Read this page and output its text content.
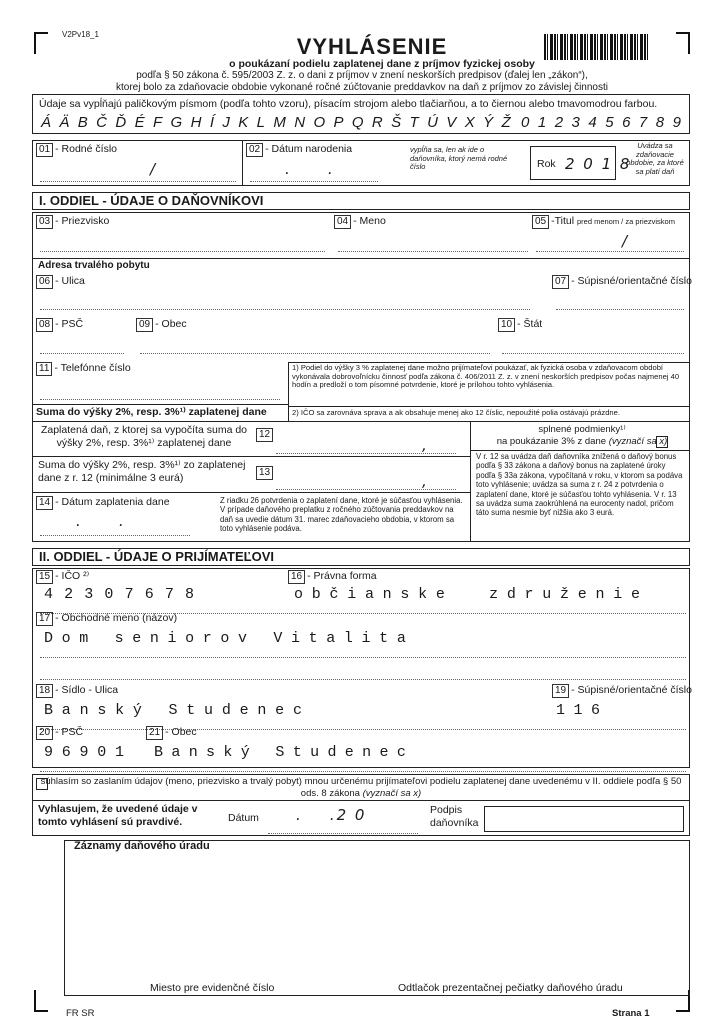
V2Pv18_1	VYHLÁSENIE
o poukázaní podielu zaplatenej dane z príjmov fyzickej osoby
podľa § 50 zákona č. 595/2003 Z. z. o dani z príjmov v znení neskorších predpisov (ďalej len „zákon“),
ktorej bolo za zdaňovacie obdobie vykonané ročné zúčtovanie preddavkov na daň z príjmov zo závislej činnosti
Údaje sa vypĺňajú paličkovým písmom (podľa tohto vzoru), písacím strojom alebo tlačiarňou, a to čiernou alebo tmavomodrou farbou.
Á Ä B Č Ď É F G H Í J K L M N O P Q R Š T Ú V X Ý Ž 0 1 2 3 4 5 6 7 8 9
01 - Rodné číslo
/
02 - Dátum narodenia
.        .
vypĺňa sa, len ak ide o daňovníka, ktorý nemá rodné číslo	Rok 2 0 1 8
Uvádza sa zdaňovacie obdobie, za ktoré sa platí daň
I. ODDIEL - ÚDAJE O DAŇOVNÍKOVI
03 - Priezvisko	04 - Meno	05 -Titul pred menom / za priezviskom
/
Adresa trvalého pobytu
06 - Ulica	07 - Súpisné/orientačné číslo
08 - PSČ	09 - Obec	10 - Štát
11 - Telefónne číslo	1) Podiel do výšky 3 % zaplatenej dane možno prijímateľovi poukázať, ak fyzická osoba v zdaňovacom období vykonávala dobrovoľnícku činnosť podľa zákona č. 406/2011 Z. z. v znení neskorších predpisov počas najmenej 40 hodín a predloží o tom písomné potvrdenie, ktoré je prílohou tohto vyhlásenia.
2) IČO sa zarovnáva sprava a ak obsahuje menej ako 12 číslic, nepoužité polia ostávajú prázdne.
Suma do výšky 2%, resp. 3%¹⁾ zaplatenej dane
Zaplatená daň, z ktorej sa vypočíta suma do výšky 2%, resp. 3%¹⁾ zaplatenej dane
12
,
splnené podmienky¹⁾
na poukázanie 3% z dane (vyznačí sa x)
Suma do výšky 2%, resp. 3%¹⁾ zo zaplatenej dane z r. 12 (minimálne 3 eurá)	13	,
V r. 12 sa uvádza daň daňovníka znížená o daňový bonus podľa § 33 zákona a daňový bonus na zaplatené úroky podľa § 33a zákona, vypočítaná v roku, v ktorom sa podáva toto vyhlásenie; uvádza sa suma z r. 24 z potvrdenia o zaplatení dane, ktoré je súčasťou tohto vyhlásenia. V r. 13 sa uvádza suma zaokrúhlená na eurocenty nadol, pričom táto suma nesmie byť nižšia ako 3 eurá.
14 - Dátum zaplatenia dane
.        .
Z riadku 26 potvrdenia o zaplatení dane, ktoré je súčasťou vyhlásenia. V prípade daňového preplatku z ročného zúčtovania preddavkov na daň sa uvedie dátum 31. marec zdaňovacieho obdobia, v ktorom sa toto vyhlásenie podáva.
II. ODDIEL - ÚDAJE O PRIJÍMATEĽOVI
15 - IČO ²⁾
4 2 3 0 7 6 7 8
16 - Právna forma
o b č i a n s k e

	z d r u ž e n i e
17 - Obchodné meno (názov)
D o m
s e n i o r o v
V i t a l i t a
18 - Sídlo - Ulica	19 - Súpisné/orientačné číslo
B a n s k ý
S t u d e n e c	1 1 6
20 - PSČ	21 - Obec
9 6 9 0 1 B a n s k ý
S t u d e n e c
súhlasím so zaslaním údajov (meno, priezvisko a trvalý pobyt) mnou určenému prijímateľovi podielu zaplatenej dane uvedenému v II. oddiele podľa § 50 ods. 8 zákona (vyznačí sa x)
Vyhlasujem, že uvedené údaje v tomto vyhlásení sú pravdivé.	Dátum .    .2 0	Podpis daňovníka
Záznamy daňového úradu
Miesto pre evidenčné číslo	Odtlačok prezentačnej pečiatky daňového úradu
FR SR	Strana 1
